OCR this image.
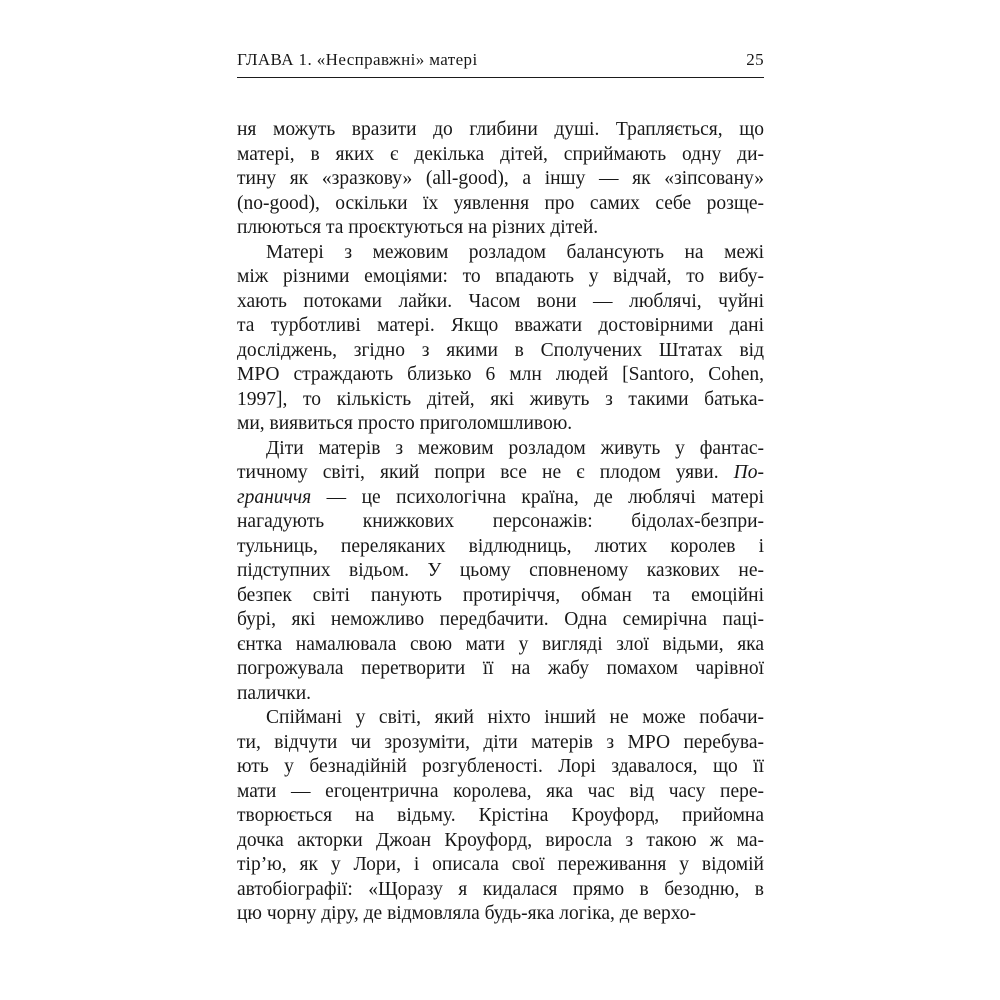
ГЛАВА 1. «Несправжні» матері	25
ня можуть вразити до глибини душі. Трапляється, що
матері, в яких є декілька дітей, сприймають одну ди-
тину як «зразкову» (all-good), а іншу — як «зіпсовану»
(no-good), оскільки їх уявлення про самих себе розще-
плюються та проєктуються на різних дітей.
Матері з межовим розладом балансують на межі
між різними емоціями: то впадають у відчай, то вибу-
хають потоками лайки. Часом вони — люблячі, чуйні
та турботливі матері. Якщо вважати достовірними дані
досліджень, згідно з якими в Сполучених Штатах від
МРО страждають близько 6 млн людей [Santoro, Cohen,
1997], то кількість дітей, які живуть з такими батька-
ми, виявиться просто приголомшливою.
Діти матерів з межовим розладом живуть у фантас-
тичному світі, який попри все не є плодом уяви. По-
граниччя — це психологічна країна, де люблячі матері
нагадують книжкових персонажів: бідолах-безпри-
тульниць, переляканих відлюдниць, лютих королев і
підступних відьом. У цьому сповненому казкових не-
безпек світі панують протиріччя, обман та емоційні
бурі, які неможливо передбачити. Одна семирічна паці-
єнтка намалювала свою мати у вигляді злої відьми, яка
погрожувала перетворити її на жабу помахом чарівної
палички.
Спіймані у світі, який ніхто інший не може побачи-
ти, відчути чи зрозуміти, діти матерів з МРО перебува-
ють у безнадійній розгубленості. Лорі здавалося, що її
мати — егоцентрична королева, яка час від часу пере-
творюється на відьму. Крістіна Кроуфорд, прийомна
дочка акторки Джоан Кроуфорд, виросла з такою ж ма-
тір’ю, як у Лори, і описала свої переживання у відомій
автобіографії: «Щоразу я кидалася прямо в безодню, в
цю чорну діру, де відмовляла будь-яка логіка, де верхо-
